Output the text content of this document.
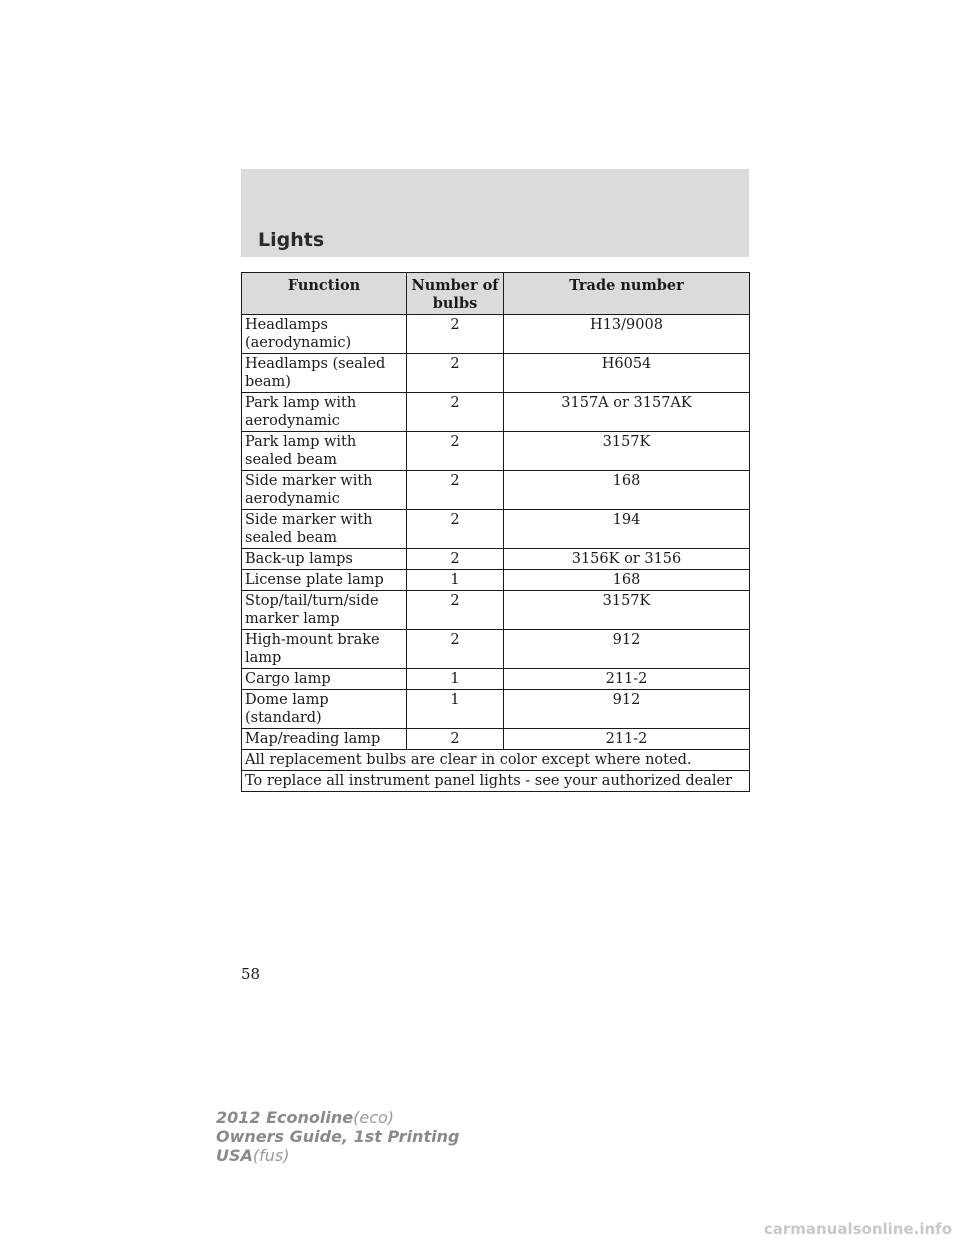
Lights
Function	Number of bulbs	Trade number
Headlamps (aerodynamic)	2	H13/9008
Headlamps (sealed beam)	2	H6054
Park lamp with aerodynamic	2	3157A or 3157AK
Park lamp with sealed beam	2	3157K
Side marker with aerodynamic	2	168
Side marker with sealed beam	2	194
Back-up lamps	2	3156K or 3156
License plate lamp	1	168
Stop/tail/turn/side marker lamp	2	3157K
High-mount brake lamp	2	912
Cargo lamp	1	211-2
Dome lamp (standard)	1	912
Map/reading lamp	2	211-2
All replacement bulbs are clear in color except where noted.		
To replace all instrument panel lights - see your authorized dealer		
58
2012 Econoline(eco)
Owners Guide, 1st Printing
USA(fus)
carmanualsonline.info
